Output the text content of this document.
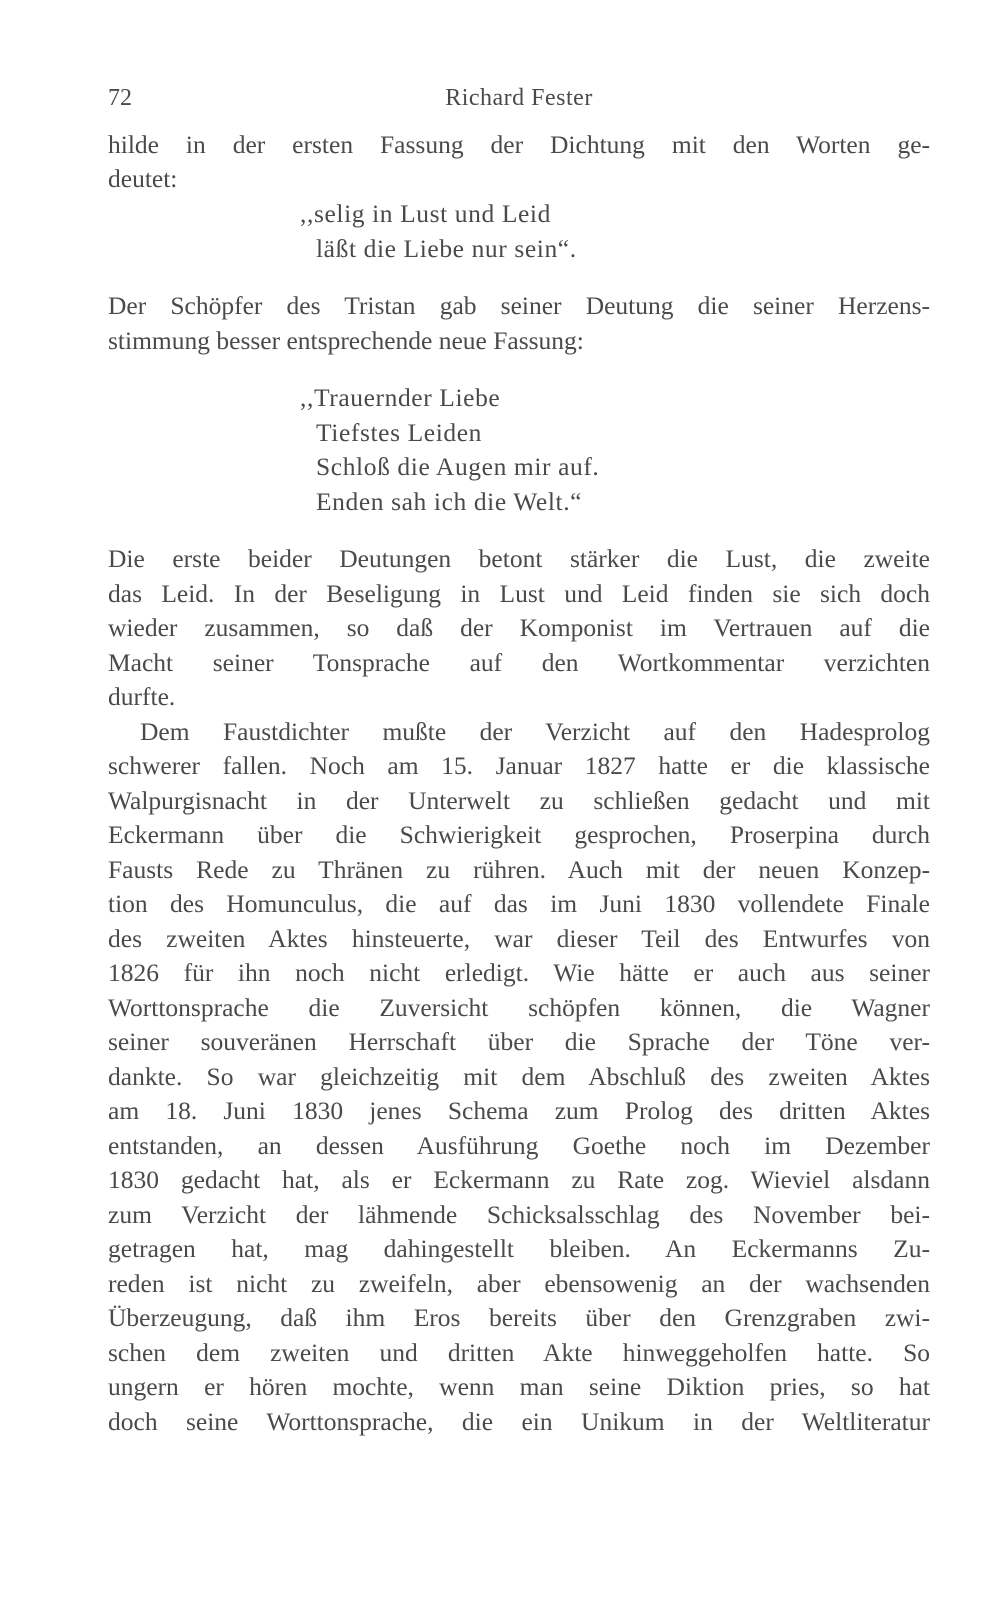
72	Richard Fester
hilde in der ersten Fassung der Dichtung mit den Worten ge-
deutet:
,,selig in Lust und Leid
läßt die Liebe nur sein“.
Der Schöpfer des Tristan gab seiner Deutung die seiner Herzens-
stimmung besser entsprechende neue Fassung:
,,Trauernder Liebe
Tiefstes Leiden
Schloß die Augen mir auf.
Enden sah ich die Welt.“
Die erste beider Deutungen betont stärker die Lust, die zweite
das Leid. In der Beseligung in Lust und Leid finden sie sich doch
wieder zusammen, so daß der Komponist im Vertrauen auf die
Macht seiner Tonsprache auf den Wortkommentar verzichten
durfte.
Dem Faustdichter mußte der Verzicht auf den Hadesprolog
schwerer fallen. Noch am 15. Januar 1827 hatte er die klassische
Walpurgisnacht in der Unterwelt zu schließen gedacht und mit
Eckermann über die Schwierigkeit gesprochen, Proserpina durch
Fausts Rede zu Thränen zu rühren. Auch mit der neuen Konzep-
tion des Homunculus, die auf das im Juni 1830 vollendete Finale
des zweiten Aktes hinsteuerte, war dieser Teil des Entwurfes von
1826 für ihn noch nicht erledigt. Wie hätte er auch aus seiner
Worttonsprache die Zuversicht schöpfen können, die Wagner
seiner souveränen Herrschaft über die Sprache der Töne ver-
dankte. So war gleichzeitig mit dem Abschluß des zweiten Aktes
am 18. Juni 1830 jenes Schema zum Prolog des dritten Aktes
entstanden, an dessen Ausführung Goethe noch im Dezember
1830 gedacht hat, als er Eckermann zu Rate zog. Wieviel alsdann
zum Verzicht der lähmende Schicksalsschlag des November bei-
getragen hat, mag dahingestellt bleiben. An Eckermanns Zu-
reden ist nicht zu zweifeln, aber ebensowenig an der wachsenden
Überzeugung, daß ihm Eros bereits über den Grenzgraben zwi-
schen dem zweiten und dritten Akte hinweggeholfen hatte. So
ungern er hören mochte, wenn man seine Diktion pries, so hat
doch seine Worttonsprache, die ein Unikum in der Weltliteratur
